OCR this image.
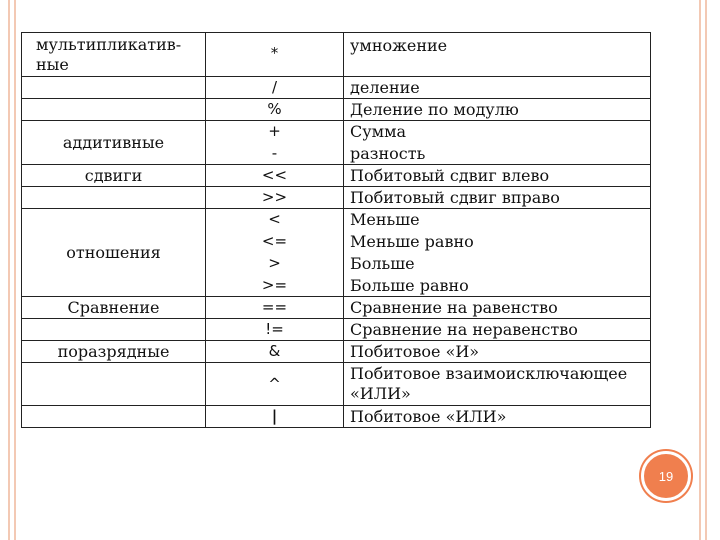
мультипликатив-ные	*	умножение
	/	деление
	%	Деление по модулю
аддитивные	+	Сумма
	-	разность
сдвиги	<<	Побитовый сдвиг влево
	>>	Побитовый сдвиг вправо
отношения	<	Меньше
	<=	Меньше равно
	>	Больше
	>=	Больше равно
Сравнение	==	Сравнение на равенство
	!=	Сравнение на неравенство
поразрядные	&	Побитовое «И»
	^	Побитовое взаимоисключающее «ИЛИ»
	|	Побитовое «ИЛИ»
19
